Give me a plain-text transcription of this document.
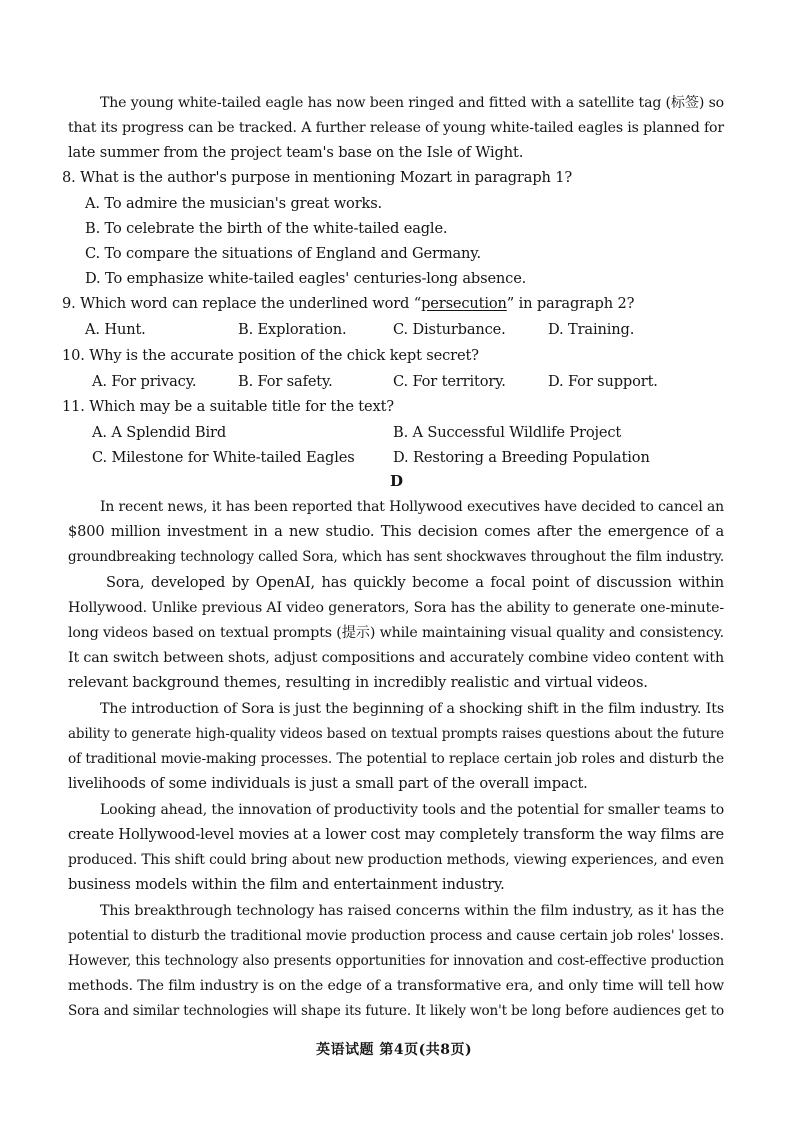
The young white-tailed eagle has now been ringed and fitted with a satellite tag (标签) so
that its progress can be tracked. A further release of young white-tailed eagles is planned for
late summer from the project team's base on the Isle of Wight.
8. What is the author's purpose in mentioning Mozart in paragraph 1?
A. To admire the musician's great works.
B. To celebrate the birth of the white-tailed eagle.
C. To compare the situations of England and Germany.
D. To emphasize white-tailed eagles' centuries-long absence.
9. Which word can replace the underlined word “persecution” in paragraph 2?
A. Hunt.	B. Exploration.	C. Disturbance.	D. Training.
10. Why is the accurate position of the chick kept secret?
A. For privacy.	B. For safety.	C. For territory.	D. For support.
11. Which may be a suitable title for the text?
A. A Splendid Bird	B. A Successful Wildlife Project
C. Milestone for White-tailed Eagles	D. Restoring a Breeding Population
D
In recent news, it has been reported that Hollywood executives have decided to cancel an
$800 million investment in a new studio. This decision comes after the emergence of a
groundbreaking technology called Sora, which has sent shockwaves throughout the film industry.
Sora, developed by OpenAI, has quickly become a focal point of discussion within
Hollywood. Unlike previous AI video generators, Sora has the ability to generate one-minute-
long videos based on textual prompts (提示) while maintaining visual quality and consistency.
It can switch between shots, adjust compositions and accurately combine video content with
relevant background themes, resulting in incredibly realistic and virtual videos.
The introduction of Sora is just the beginning of a shocking shift in the film industry. Its
ability to generate high-quality videos based on textual prompts raises questions about the future
of traditional movie-making processes. The potential to replace certain job roles and disturb the
livelihoods of some individuals is just a small part of the overall impact.
Looking ahead, the innovation of productivity tools and the potential for smaller teams to
create Hollywood-level movies at a lower cost may completely transform the way films are
produced. This shift could bring about new production methods, viewing experiences, and even
business models within the film and entertainment industry.
This breakthrough technology has raised concerns within the film industry, as it has the
potential to disturb the traditional movie production process and cause certain job roles' losses.
However, this technology also presents opportunities for innovation and cost-effective production
methods. The film industry is on the edge of a transformative era, and only time will tell how
Sora and similar technologies will shape its future. It likely won't be long before audiences get to
英语试题 第4页(共8页)
